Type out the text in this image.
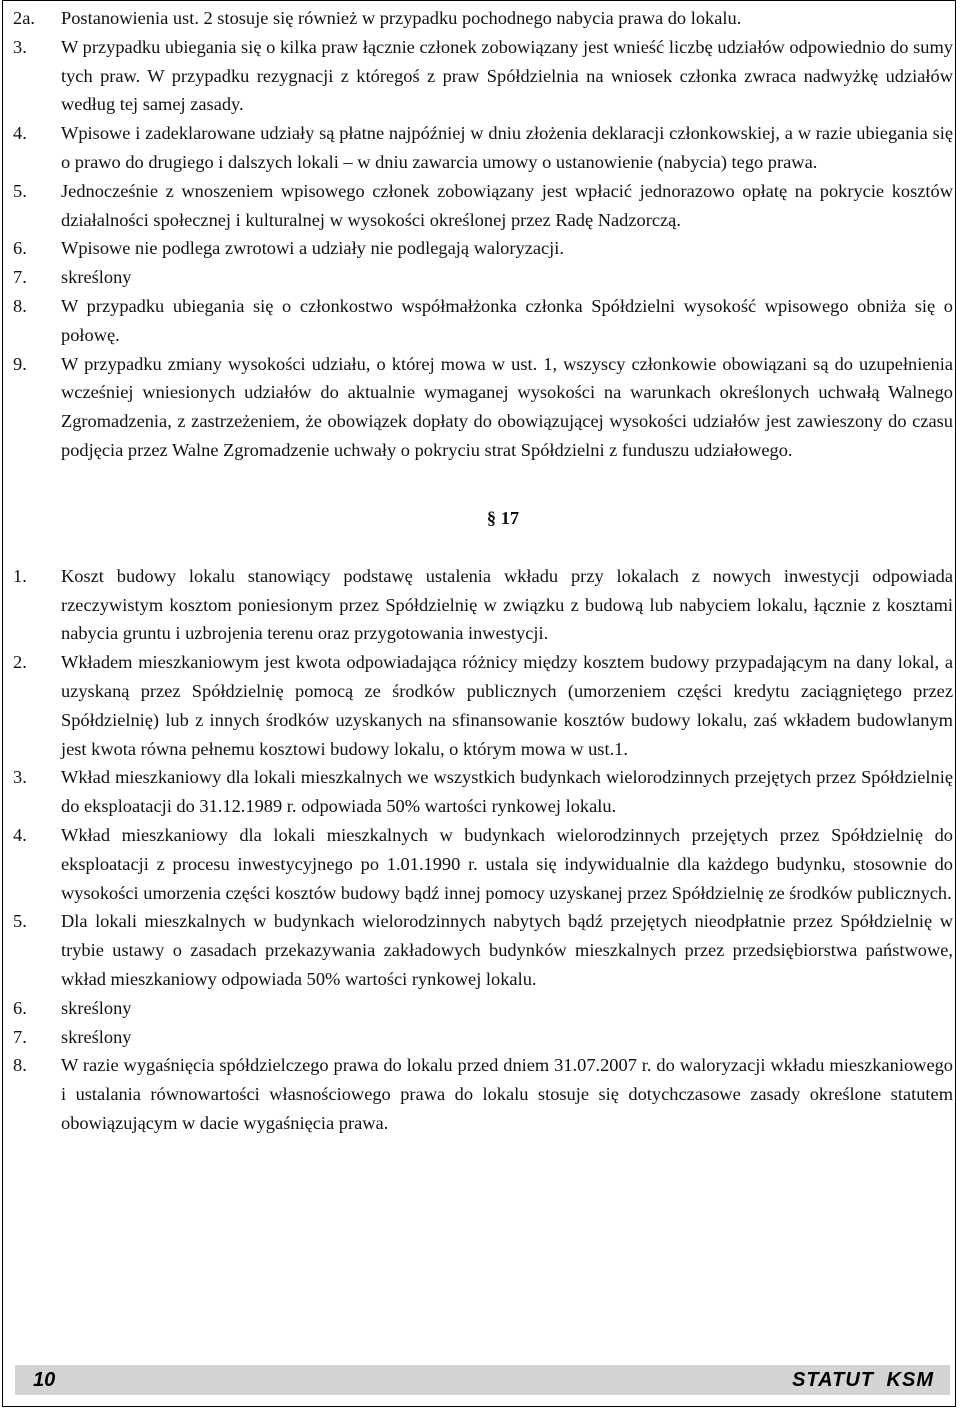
2a.	Postanowienia ust. 2 stosuje się również w przypadku pochodnego nabycia prawa do lokalu.
3.	W przypadku ubiegania się o kilka praw łącznie członek zobowiązany jest wnieść liczbę udziałów odpowiednio do sumy tych praw. W przypadku rezygnacji z któregoś z praw Spółdzielnia na wniosek członka zwraca nadwyżkę udziałów według tej samej zasady.
4.	Wpisowe i zadeklarowane udziały są płatne najpóźniej w dniu złożenia deklaracji członkowskiej, a w razie ubiegania się o prawo do drugiego i dalszych lokali – w dniu zawarcia umowy o ustanowienie (nabycia) tego prawa.
5.	Jednocześnie z wnoszeniem wpisowego członek zobowiązany jest wpłacić jednorazowo opłatę na pokrycie kosztów działalności społecznej i kulturalnej w wysokości określonej przez Radę Nadzorczą.
6.	Wpisowe nie podlega zwrotowi a udziały nie podlegają waloryzacji.
7.	skreślony
8.	W przypadku ubiegania się o członkostwo współmałżonka członka Spółdzielni wysokość wpisowego obniża się o połowę.
9.	W przypadku zmiany wysokości udziału, o której mowa w ust. 1, wszyscy członkowie obowiązani są do uzupełnienia wcześniej wniesionych udziałów do aktualnie wymaganej wysokości na warunkach określonych uchwałą Walnego Zgromadzenia, z zastrzeżeniem, że obowiązek dopłaty do obowiązującej wysokości udziałów jest zawieszony do czasu podjęcia przez Walne Zgromadzenie uchwały o pokryciu strat Spółdzielni z funduszu udziałowego.
§ 17
1.	Koszt budowy lokalu stanowiący podstawę ustalenia wkładu przy lokalach z nowych inwestycji odpowiada rzeczywistym kosztom poniesionym przez Spółdzielnię w związku z budową lub nabyciem lokalu, łącznie z kosztami nabycia gruntu i uzbrojenia terenu oraz przygotowania inwestycji.
2.	Wkładem mieszkaniowym jest kwota odpowiadająca różnicy między kosztem budowy przypadającym na dany lokal, a uzyskaną przez Spółdzielnię pomocą ze środków publicznych (umorzeniem części kredytu zaciągniętego przez Spółdzielnię) lub z innych środków uzyskanych na sfinansowanie kosztów budowy lokalu, zaś wkładem budowlanym jest kwota równa pełnemu kosztowi budowy lokalu, o którym mowa w ust.1.
3.	Wkład mieszkaniowy dla lokali mieszkalnych we wszystkich budynkach wielorodzinnych przejętych przez Spółdzielnię do eksploatacji do 31.12.1989 r. odpowiada 50% wartości rynkowej lokalu.
4.	Wkład mieszkaniowy dla lokali mieszkalnych w budynkach wielorodzinnych przejętych przez Spółdzielnię do eksploatacji z procesu inwestycyjnego po 1.01.1990 r. ustala się indywidualnie dla każdego budynku, stosownie do wysokości umorzenia części kosztów budowy bądź innej pomocy uzyskanej przez Spółdzielnię ze środków publicznych.
5.	Dla lokali mieszkalnych w budynkach wielorodzinnych nabytych bądź przejętych nieodpłatnie przez Spółdzielnię w trybie ustawy o zasadach przekazywania zakładowych budynków mieszkalnych przez przedsiębiorstwa państwowe, wkład mieszkaniowy odpowiada 50% wartości rynkowej lokalu.
6.	skreślony
7.	skreślony
8.	W razie wygaśnięcia spółdzielczego prawa do lokalu przed dniem 31.07.2007 r. do waloryzacji wkładu mieszkaniowego i ustalania równowartości własnościowego prawa do lokalu stosuje się dotychczasowe zasady określone statutem obowiązującym w dacie wygaśnięcia prawa.
10	STATUT KSM
